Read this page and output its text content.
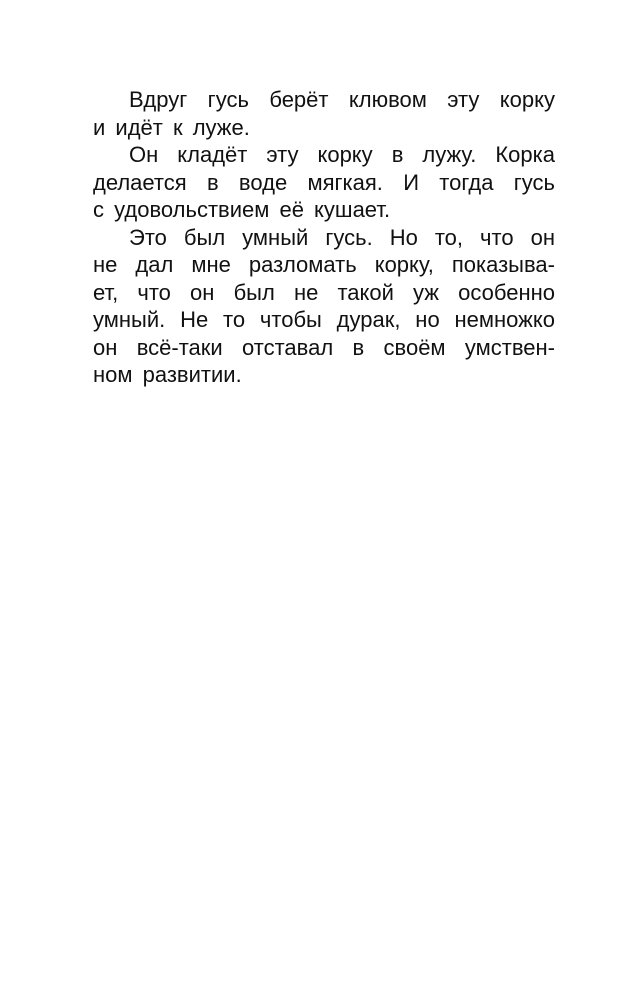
Вдруг гусь берёт клювом эту корку
и идёт к луже.
Он кладёт эту корку в лужу. Корка
делается в воде мягкая. И тогда гусь
с удовольствием её кушает.
Это был умный гусь. Но то, что он
не дал мне разломать корку, показыва-
ет, что он был не такой уж особенно
умный. Не то чтобы дурак, но немножко
он всё-таки отставал в своём умствен-
ном развитии.
